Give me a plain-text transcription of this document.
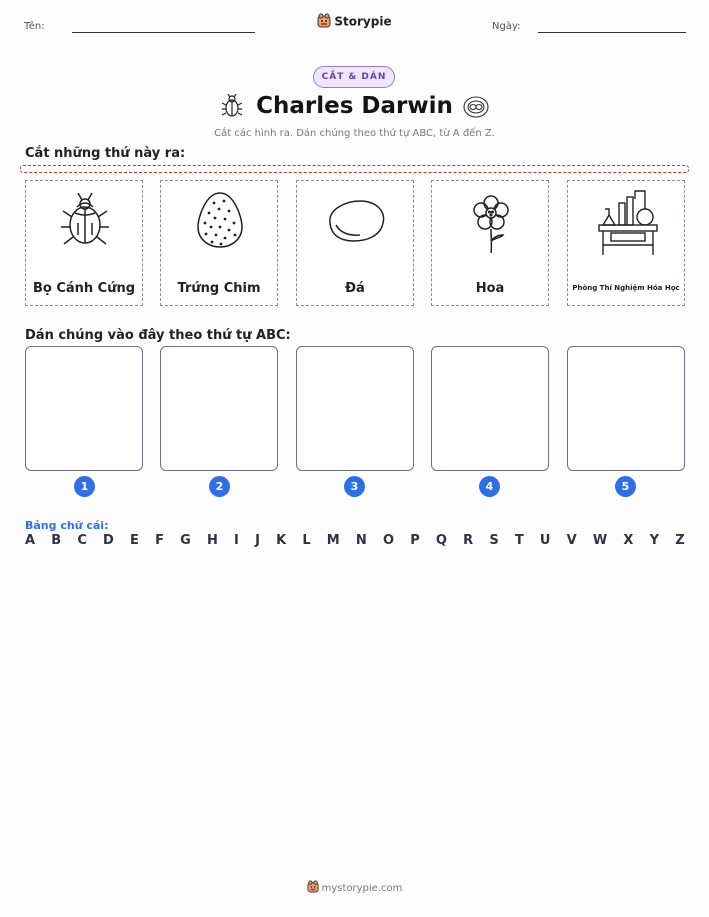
Tên:	Storypie	Ngày:
CẮT & DÁN
Charles Darwin
Cắt các hình ra. Dán chúng theo thứ tự ABC, từ A đến Z.
Cắt những thứ này ra:
Bọ Cánh Cứng	Trứng Chim	Đá	Hoa	Phòng Thí Nghiệm Hóa Học
Dán chúng vào đây theo thứ tự ABC:
1	2	3	4	5
Bảng chữ cái:
A B C D E F G H I J K L M N O P Q R S T U V W X Y Z
mystorypie.com
